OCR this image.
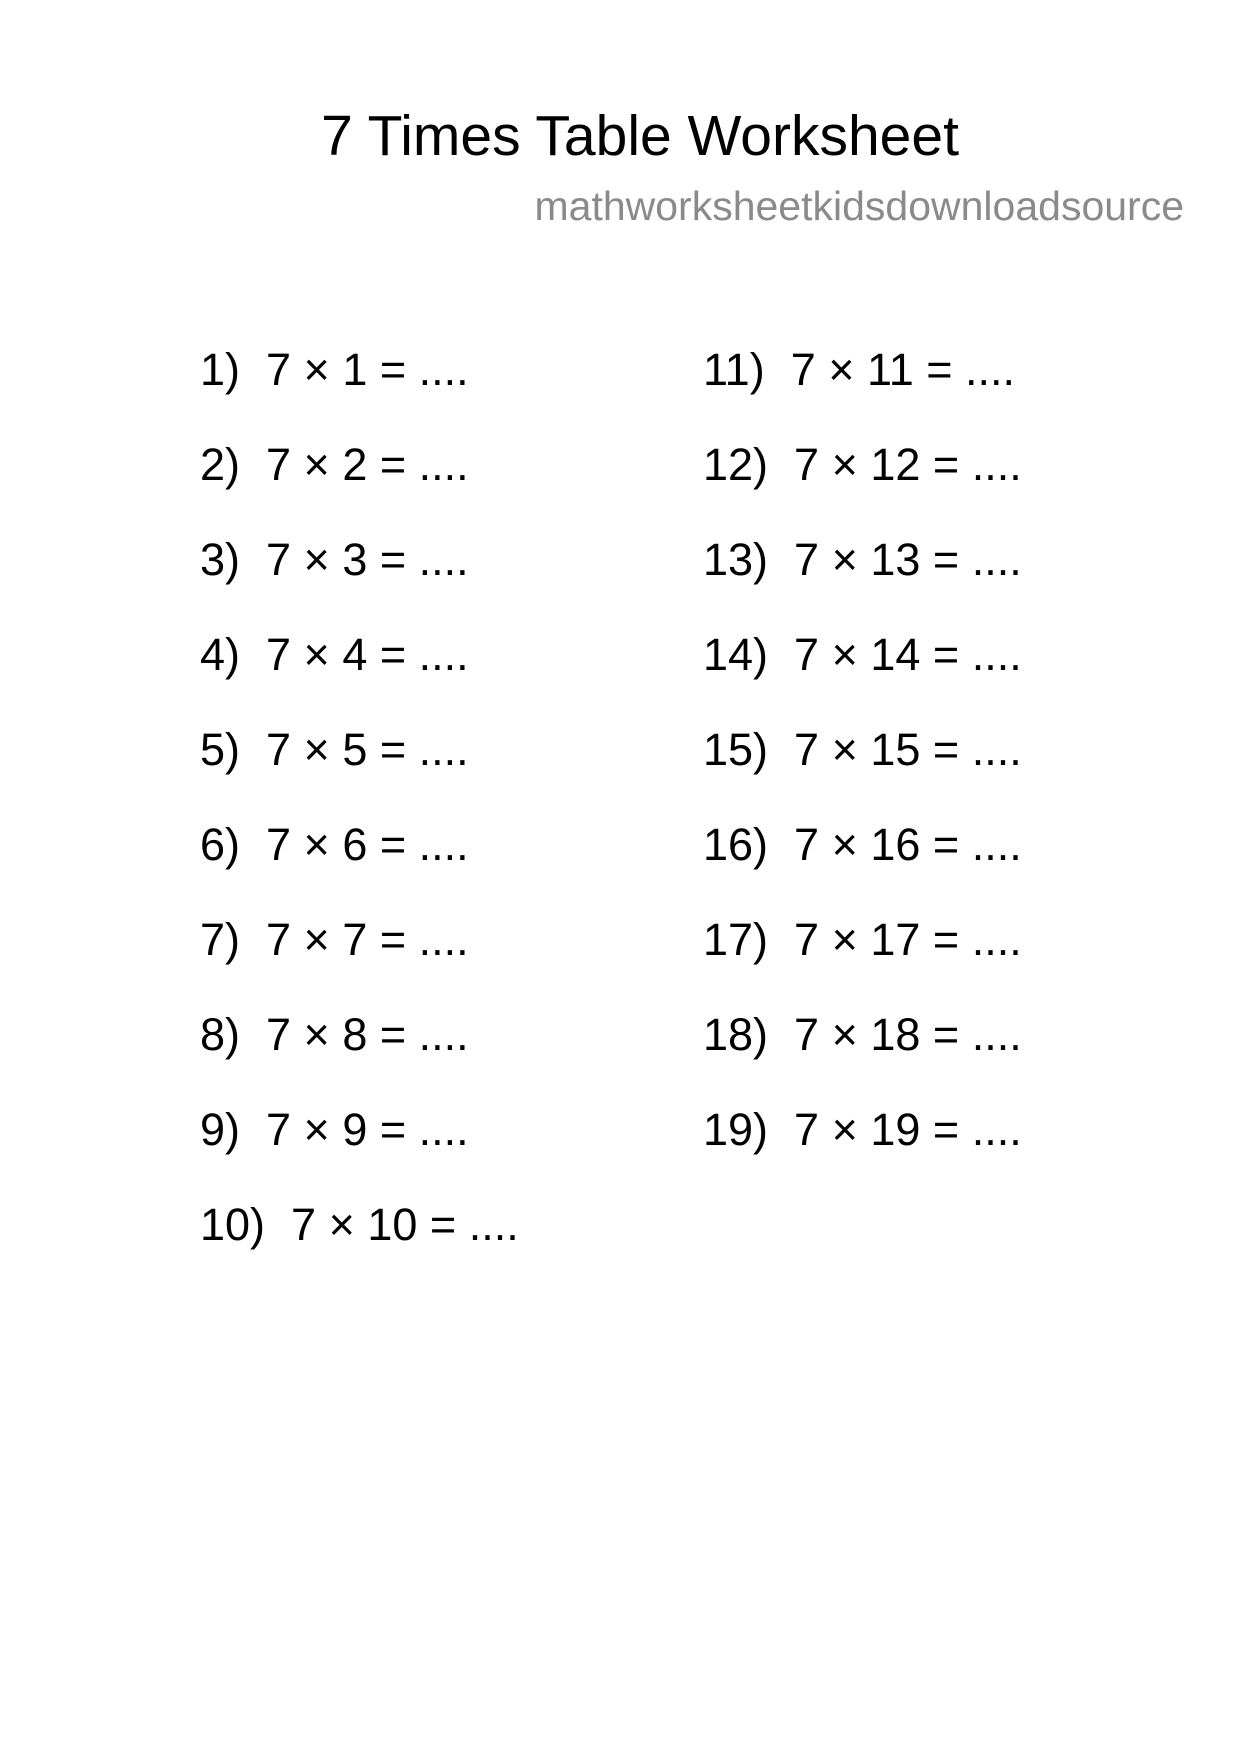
7 Times Table Worksheet
mathworksheetkidsdownloadsource
1) 7 × 1 = ....
2) 7 × 2 = ....
3) 7 × 3 = ....
4) 7 × 4 = ....
5) 7 × 5 = ....
6) 7 × 6 = ....
7) 7 × 7 = ....
8) 7 × 8 = ....
9) 7 × 9 = ....
10) 7 × 10 = ....
11) 7 × 11 = ....
12) 7 × 12 = ....
13) 7 × 13 = ....
14) 7 × 14 = ....
15) 7 × 15 = ....
16) 7 × 16 = ....
17) 7 × 17 = ....
18) 7 × 18 = ....
19) 7 × 19 = ....
